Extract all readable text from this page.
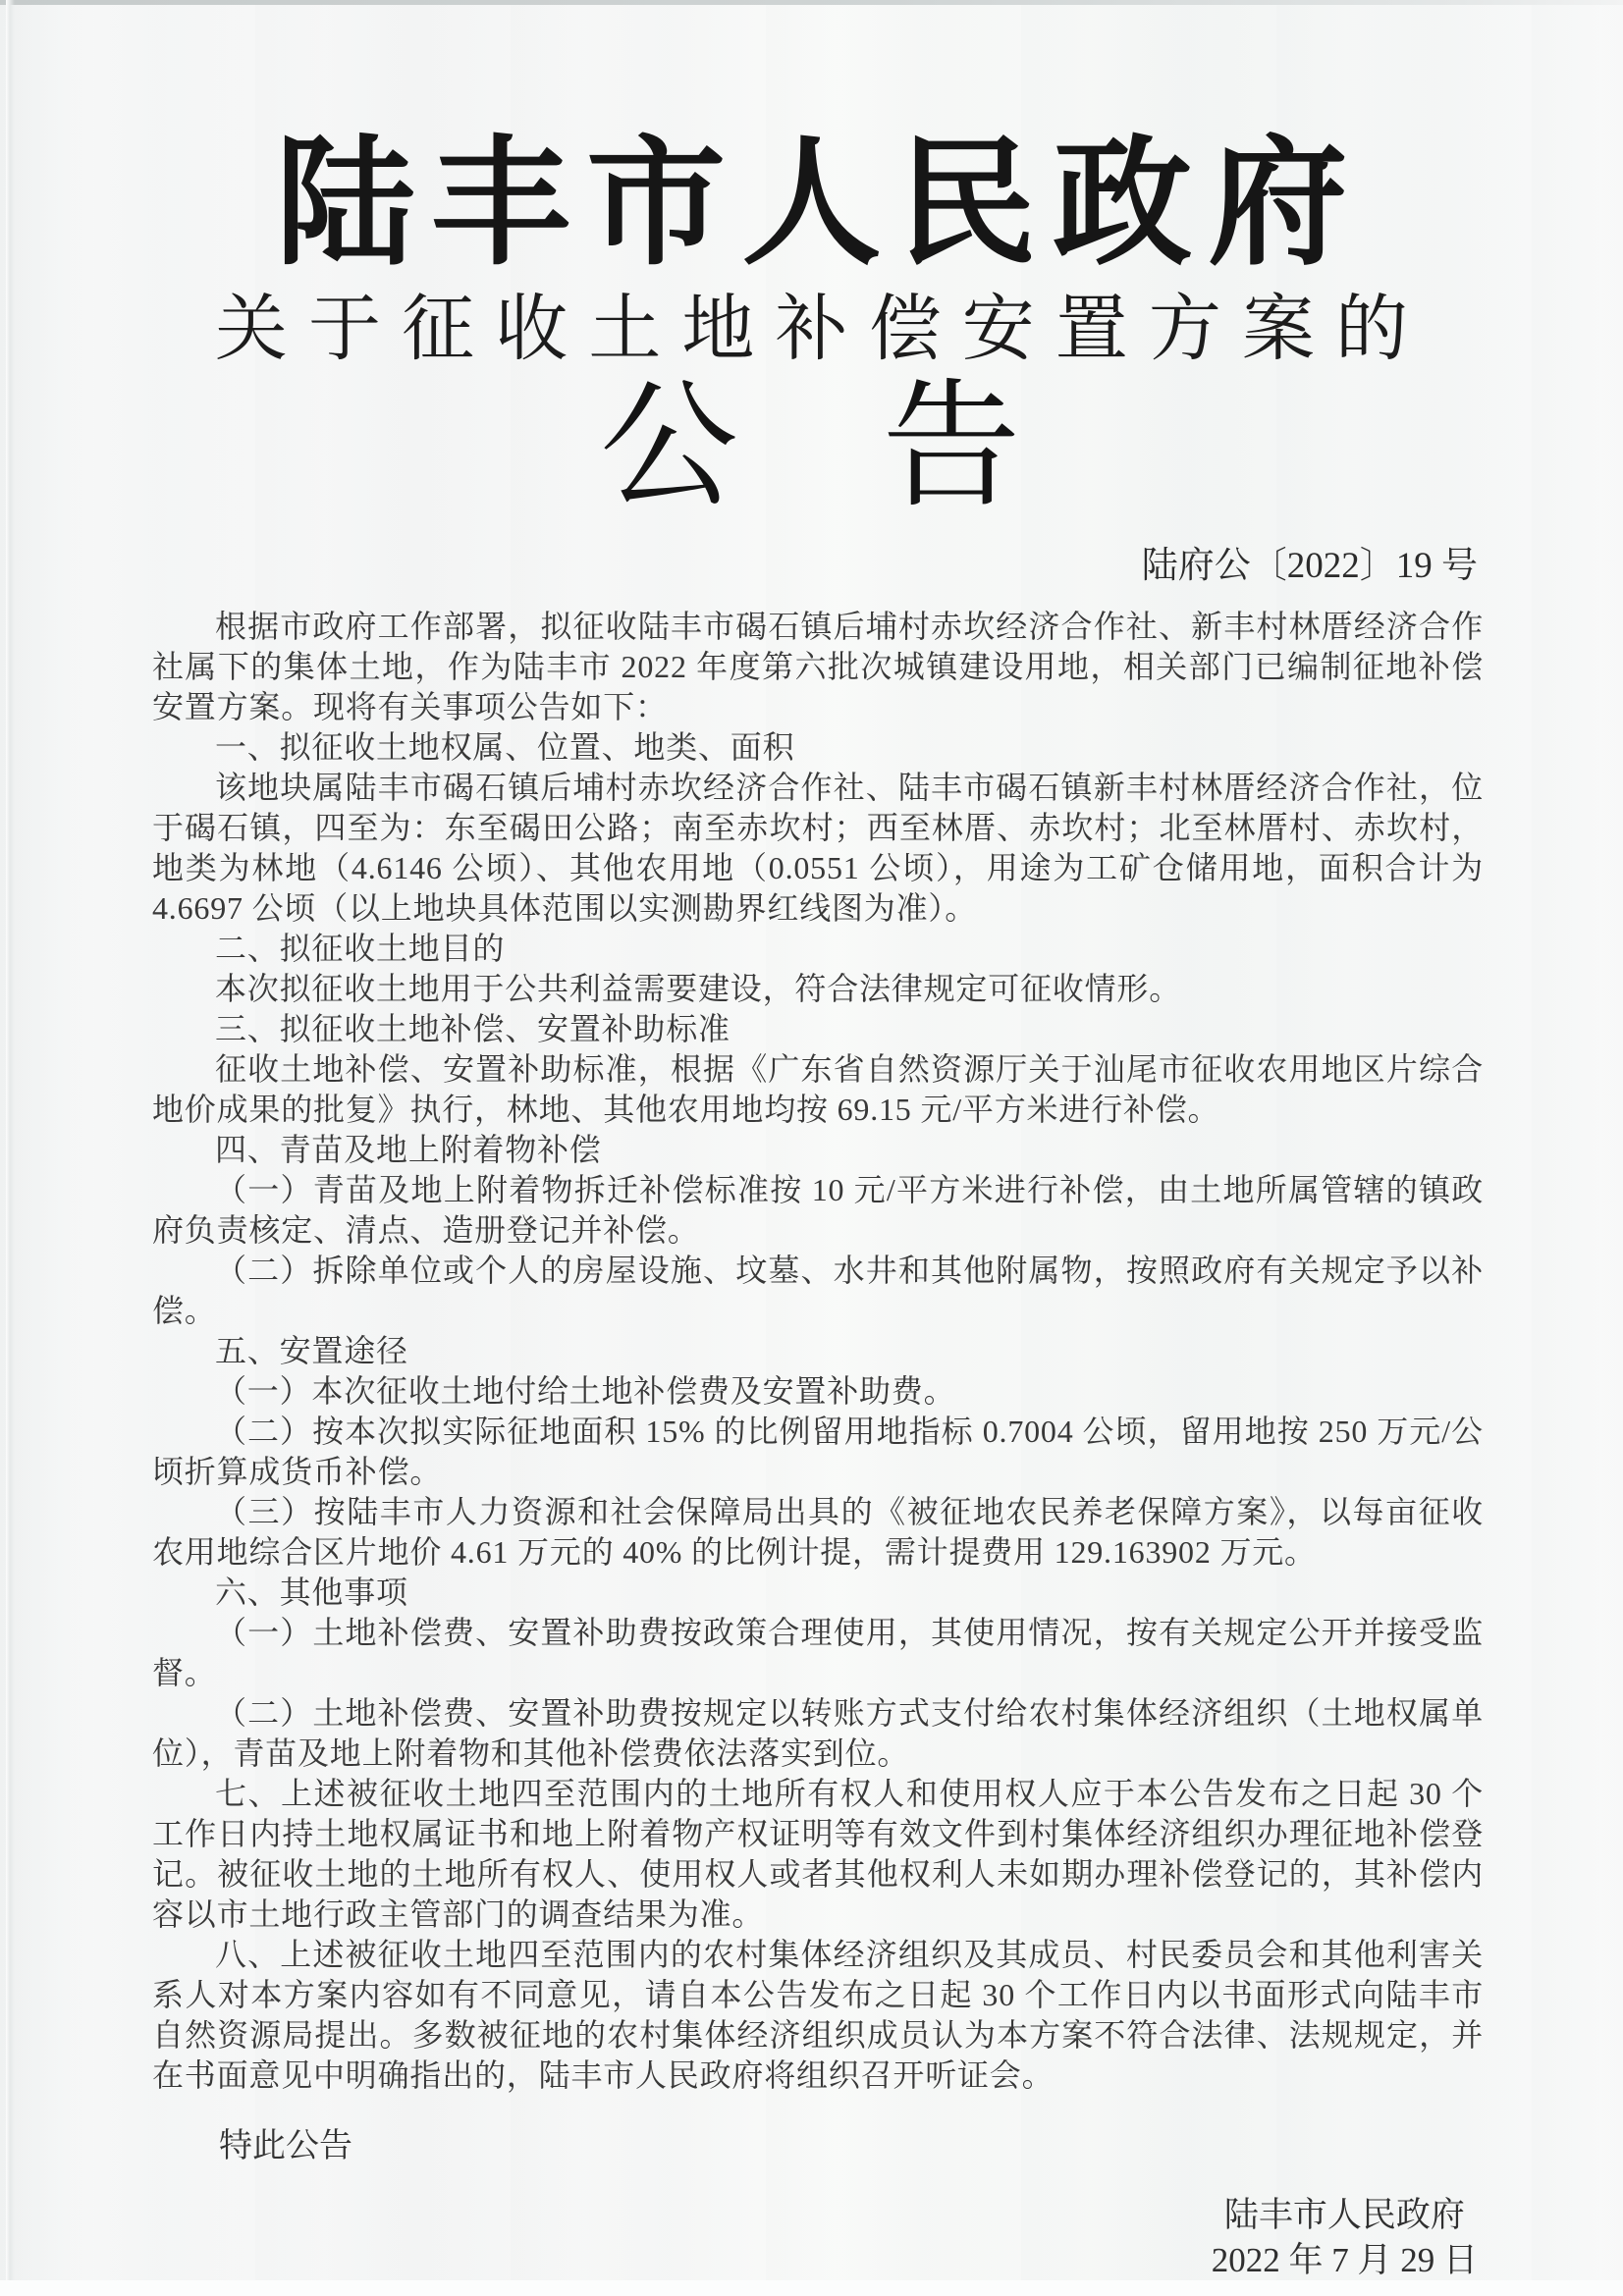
陆丰市人民政府
关于征收土地补偿安置方案的
公　告
陆府公〔2022〕19 号

根据市政府工作部署，拟征收陆丰市碣石镇后埔村赤坎经济合作社、新丰村林厝经济合作社属下的集体土地，作为陆丰市 2022 年度第六批次城镇建设用地，相关部门已编制征地补偿安置方案。现将有关事项公告如下：

一、拟征收土地权属、位置、地类、面积

该地块属陆丰市碣石镇后埔村赤坎经济合作社、陆丰市碣石镇新丰村林厝经济合作社，位于碣石镇，四至为：东至碣田公路；南至赤坎村；西至林厝、赤坎村；北至林厝村、赤坎村，地类为林地（4.6146 公顷）、其他农用地（0.0551 公顷），用途为工矿仓储用地，面积合计为 4.6697 公顷（以上地块具体范围以实测勘界红线图为准）。

二、拟征收土地目的

本次拟征收土地用于公共利益需要建设，符合法律规定可征收情形。

三、拟征收土地补偿、安置补助标准

征收土地补偿、安置补助标准，根据《广东省自然资源厅关于汕尾市征收农用地区片综合地价成果的批复》执行，林地、其他农用地均按 69.15 元/平方米进行补偿。

四、青苗及地上附着物补偿

（一）青苗及地上附着物拆迁补偿标准按 10 元/平方米进行补偿，由土地所属管辖的镇政府负责核定、清点、造册登记并补偿。

（二）拆除单位或个人的房屋设施、坟墓、水井和其他附属物，按照政府有关规定予以补偿。

五、安置途径

（一）本次征收土地付给土地补偿费及安置补助费。

（二）按本次拟实际征地面积 15% 的比例留用地指标 0.7004 公顷，留用地按 250 万元/公顷折算成货币补偿。

（三）按陆丰市人力资源和社会保障局出具的《被征地农民养老保障方案》，以每亩征收农用地综合区片地价 4.61 万元的 40% 的比例计提，需计提费用 129.163902 万元。

六、其他事项

（一）土地补偿费、安置补助费按政策合理使用，其使用情况，按有关规定公开并接受监督。

（二）土地补偿费、安置补助费按规定以转账方式支付给农村集体经济组织（土地权属单位），青苗及地上附着物和其他补偿费依法落实到位。

七、上述被征收土地四至范围内的土地所有权人和使用权人应于本公告发布之日起 30 个工作日内持土地权属证书和地上附着物产权证明等有效文件到村集体经济组织办理征地补偿登记。被征收土地的土地所有权人、使用权人或者其他权利人未如期办理补偿登记的，其补偿内容以市土地行政主管部门的调查结果为准。

八、上述被征收土地四至范围内的农村集体经济组织及其成员、村民委员会和其他利害关系人对本方案内容如有不同意见，请自本公告发布之日起 30 个工作日内以书面形式向陆丰市自然资源局提出。多数被征地的农村集体经济组织成员认为本方案不符合法律、法规规定，并在书面意见中明确指出的，陆丰市人民政府将组织召开听证会。

特此公告
陆丰市人民政府
2022 年 7 月 29 日
